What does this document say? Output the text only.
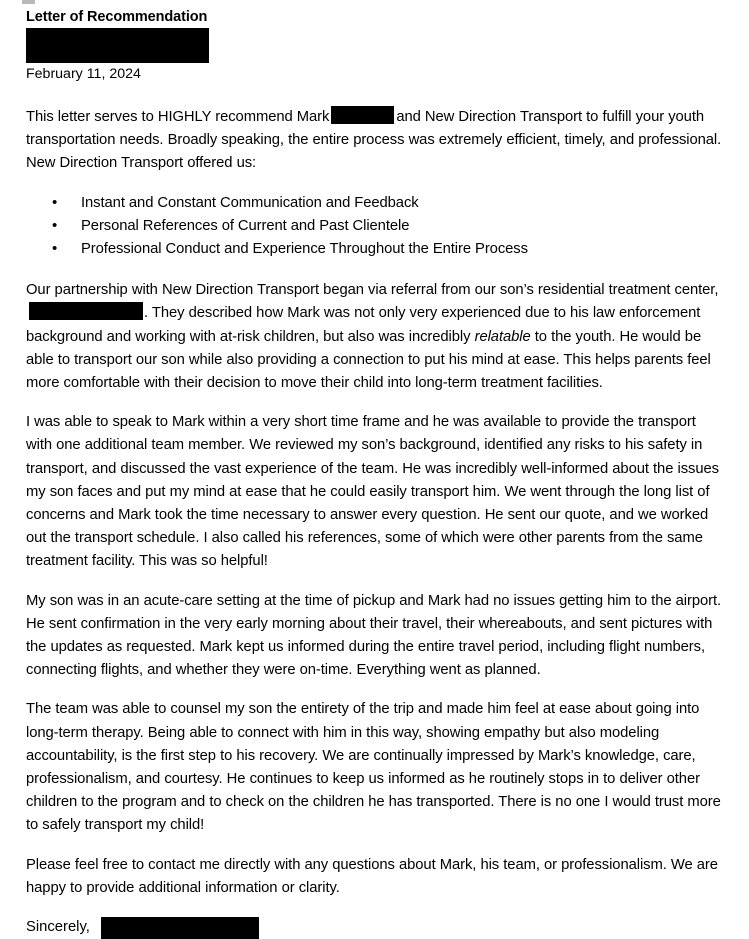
Letter of Recommendation
February 11, 2024

This letter serves to HIGHLY recommend Mark	and New Direction Transport to fulfill your youth transportation needs. Broadly speaking, the entire process was extremely efficient, timely, and professional. New Direction Transport offered us:

• Instant and Constant Communication and Feedback
• Personal References of Current and Past Clientele
• Professional Conduct and Experience Throughout the Entire Process

Our partnership with New Direction Transport began via referral from our son’s residential treatment center, . They described how Mark was not only very experienced due to his law enforcement background and working with at-risk children, but also was incredibly relatable to the youth. He would be able to transport our son while also providing a connection to put his mind at ease. This helps parents feel more comfortable with their decision to move their child into long-term treatment facilities.

I was able to speak to Mark within a very short time frame and he was available to provide the transport with one additional team member. We reviewed my son’s background, identified any risks to his safety in transport, and discussed the vast experience of the team. He was incredibly well-informed about the issues my son faces and put my mind at ease that he could easily transport him. We went through the long list of concerns and Mark took the time necessary to answer every question. He sent our quote, and we worked out the transport schedule. I also called his references, some of which were other parents from the same treatment facility. This was so helpful!

My son was in an acute-care setting at the time of pickup and Mark had no issues getting him to the airport. He sent confirmation in the very early morning about their travel, their whereabouts, and sent pictures with the updates as requested. Mark kept us informed during the entire travel period, including flight numbers, connecting flights, and whether they were on-time. Everything went as planned.

The team was able to counsel my son the entirety of the trip and made him feel at ease about going into long-term therapy. Being able to connect with him in this way, showing empathy but also modeling accountability, is the first step to his recovery. We are continually impressed by Mark’s knowledge, care, professionalism, and courtesy. He continues to keep us informed as he routinely stops in to deliver other children to the program and to check on the children he has transported. There is no one I would trust more to safely transport my child!

Please feel free to contact me directly with any questions about Mark, his team, or professionalism. We are happy to provide additional information or clarity.

Sincerely,
